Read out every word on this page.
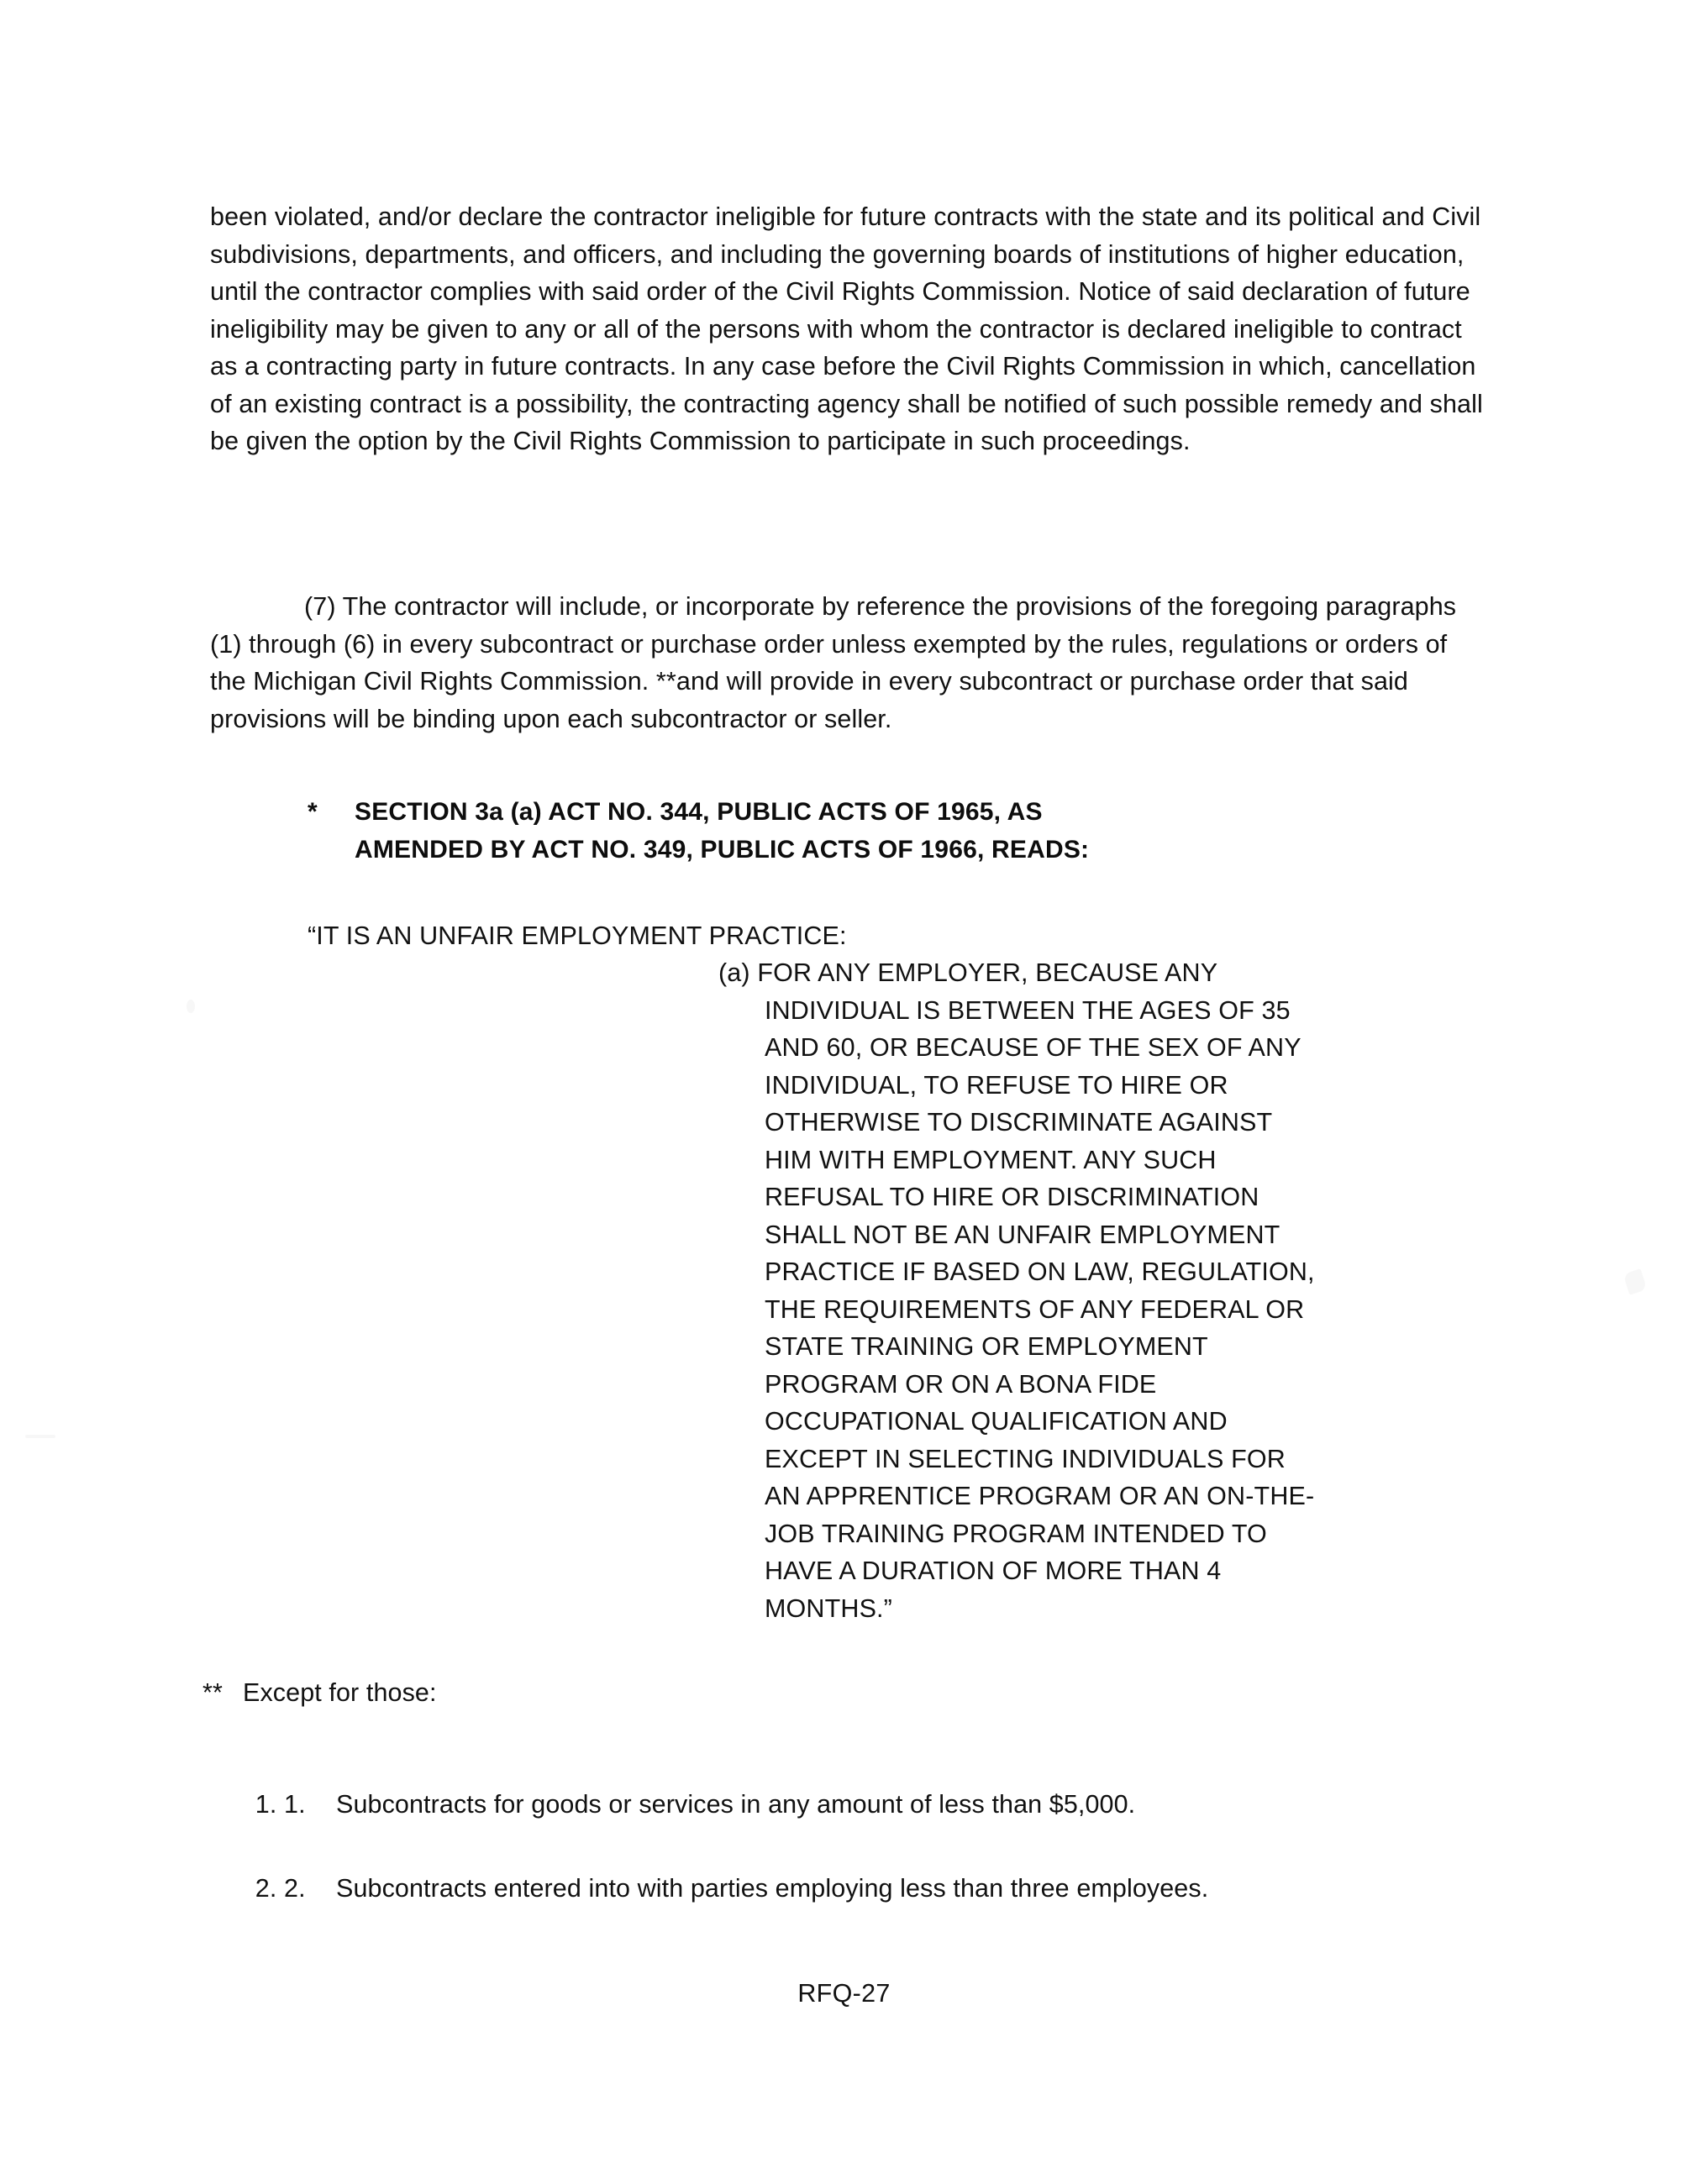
been violated, and/or declare the contractor ineligible for future contracts with the state and its political and Civil subdivisions, departments, and officers, and including the governing boards of institutions of higher education, until the contractor complies with said order of the Civil Rights Commission. Notice of said declaration of future ineligibility may be given to any or all of the persons with whom the contractor is declared ineligible to contract as a contracting party in future contracts. In any case before the Civil Rights Commission in which, cancellation of an existing contract is a possibility, the contracting agency shall be notified of such possible remedy and shall be given the option by the Civil Rights Commission to participate in such proceedings.

(7) The contractor will include, or incorporate by reference the provisions of the foregoing paragraphs (1) through (6) in every subcontract or purchase order unless exempted by the rules, regulations or orders of the Michigan Civil Rights Commission. **and will provide in every subcontract or purchase order that said provisions will be binding upon each subcontractor or seller.

* SECTION 3a (a) ACT NO. 344, PUBLIC ACTS OF 1965, AS
AMENDED BY ACT NO. 349, PUBLIC ACTS OF 1966, READS:
“IT IS AN UNFAIR EMPLOYMENT PRACTICE:
(a) FOR ANY EMPLOYER, BECAUSE ANY INDIVIDUAL IS BETWEEN THE AGES OF 35 AND 60, OR BECAUSE OF THE SEX OF ANY INDIVIDUAL, TO REFUSE TO HIRE OR OTHERWISE TO DISCRIMINATE AGAINST HIM WITH EMPLOYMENT. ANY SUCH REFUSAL TO HIRE OR DISCRIMINATION SHALL NOT BE AN UNFAIR EMPLOYMENT PRACTICE IF BASED ON LAW, REGULATION, THE REQUIREMENTS OF ANY FEDERAL OR STATE TRAINING OR EMPLOYMENT PROGRAM OR ON A BONA FIDE OCCUPATIONAL QUALIFICATION AND EXCEPT IN SELECTING INDIVIDUALS FOR AN APPRENTICE PROGRAM OR AN ON-THE-JOB TRAINING PROGRAM INTENDED TO HAVE A DURATION OF MORE THAN 4 MONTHS.”
** Except for those:
1. 1. Subcontracts for goods or services in any amount of less than $5,000.
2. 2. Subcontracts entered into with parties employing less than three employees.
RFQ-27
